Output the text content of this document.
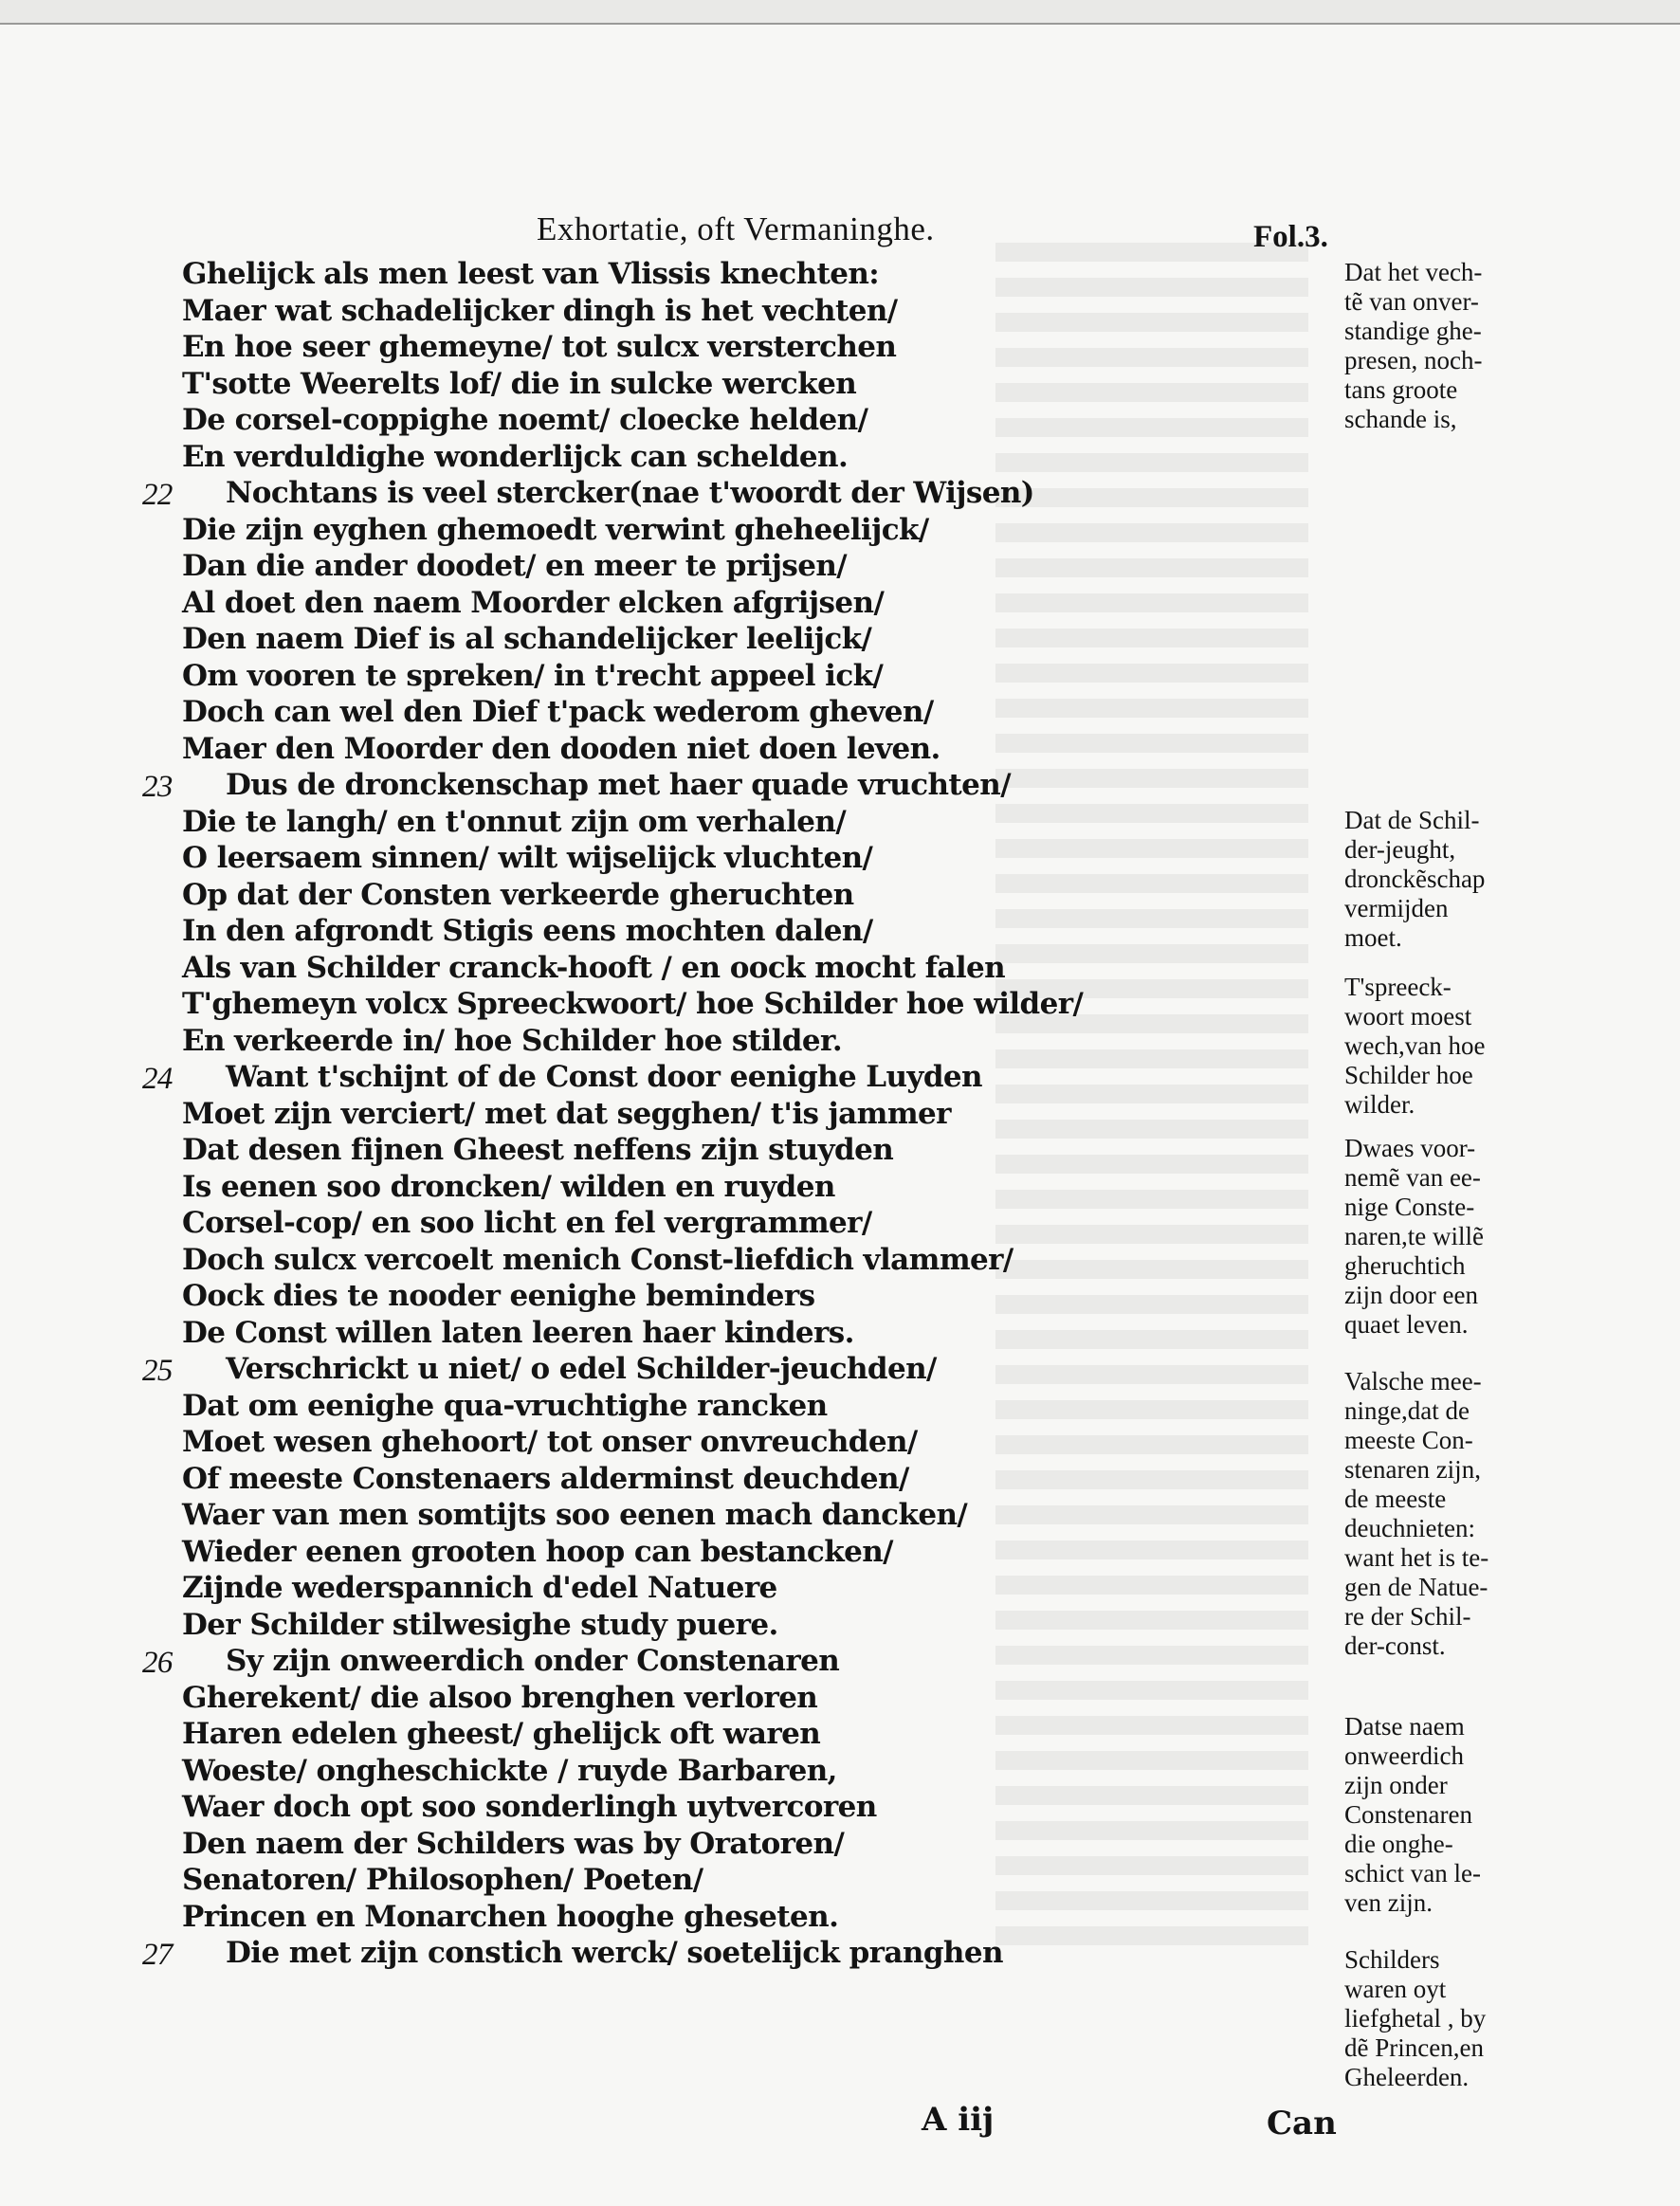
Exhortatie, oft Vermaninghe.	Fol.3.
Ghelijck als men leest van Vlissis knechten:
Maer wat schadelijcker dingh is het vechten/
En hoe seer ghemeyne/ tot sulcx versterchen
T'sotte Weerelts lof/ die in sulcke wercken
De corsel-coppighe noemt/ cloecke helden/
En verduldighe wonderlijck can schelden.
22 Nochtans is veel stercker(nae t'woordt der Wijsen)
Die zijn eyghen ghemoedt verwint gheheelijck/
Dan die ander doodet/ en meer te prijsen/
Al doet den naem Moorder elcken afgrijsen/
Den naem Dief is al schandelijcker leelijck/
Om vooren te spreken/ in t'recht appeel ick/
Doch can wel den Dief t'pack wederom gheven/
Maer den Moorder den dooden niet doen leven.
23 Dus de dronckenschap met haer quade vruchten/
Die te langh/ en t'onnut zijn om verhalen/
O leersaem sinnen/ wilt wijselijck vluchten/
Op dat der Consten verkeerde gheruchten
In den afgrondt Stigis eens mochten dalen/
Als van Schilder cranck-hooft / en oock mocht falen
T'ghemeyn volcx Spreeckwoort/ hoe Schilder hoe wilder/
En verkeerde in/ hoe Schilder hoe stilder.
24 Want t'schijnt of de Const door eenighe Luyden
Moet zijn verciert/ met dat segghen/ t'is jammer
Dat desen fijnen Gheest neffens zijn stuyden
Is eenen soo droncken/ wilden en ruyden
Corsel-cop/ en soo licht en fel vergrammer/
Doch sulcx vercoelt menich Const-liefdich vlammer/
Oock dies te nooder eenighe beminders
De Const willen laten leeren haer kinders.
25 Verschrickt u niet/ o edel Schilder-jeuchden/
Dat om eenighe qua-vruchtighe rancken
Moet wesen ghehoort/ tot onser onvreuchden/
Of meeste Constenaers alderminst deuchden/
Waer van men somtijts soo eenen mach dancken/
Wieder eenen grooten hoop can bestancken/
Zijnde wederspannich d'edel Natuere
Der Schilder stilwesighe study puere.
26 Sy zijn onweerdich onder Constenaren
Gherekent/ die alsoo brenghen verloren
Haren edelen gheest/ ghelijck oft waren
Woeste/ ongheschickte / ruyde Barbaren,
Waer doch opt soo sonderlingh uytvercoren
Den naem der Schilders was by Oratoren/
Senatoren/ Philosophen/ Poeten/
Princen en Monarchen hooghe gheseten.
27 Die met zijn constich werck/ soetelijck pranghen
Dat het vech-
tẽ van onver-
standige ghe-
presen, noch-
tans groote
schande is,
Dat de Schil-
der-jeught,
dronckẽschap
vermijden
moet.
T'spreeck-
woort moest
wech,van hoe
Schilder hoe
wilder.
Dwaes voor-
nemẽ van ee-
nige Conste-
naren,te willẽ
gheruchtich
zijn door een
quaet leven.
Valsche mee-
ninge,dat de
meeste Con-
stenaren zijn,
de meeste
deuchnieten:
want het is te-
gen de Natue-
re der Schil-
der-const.
Datse naem
onweerdich
zijn onder
Constenaren
die onghe-
schict van le-
ven zijn.
Schilders
waren oyt
liefghetal , by
dẽ Princen,en
Gheleerden.
A iij	Can
